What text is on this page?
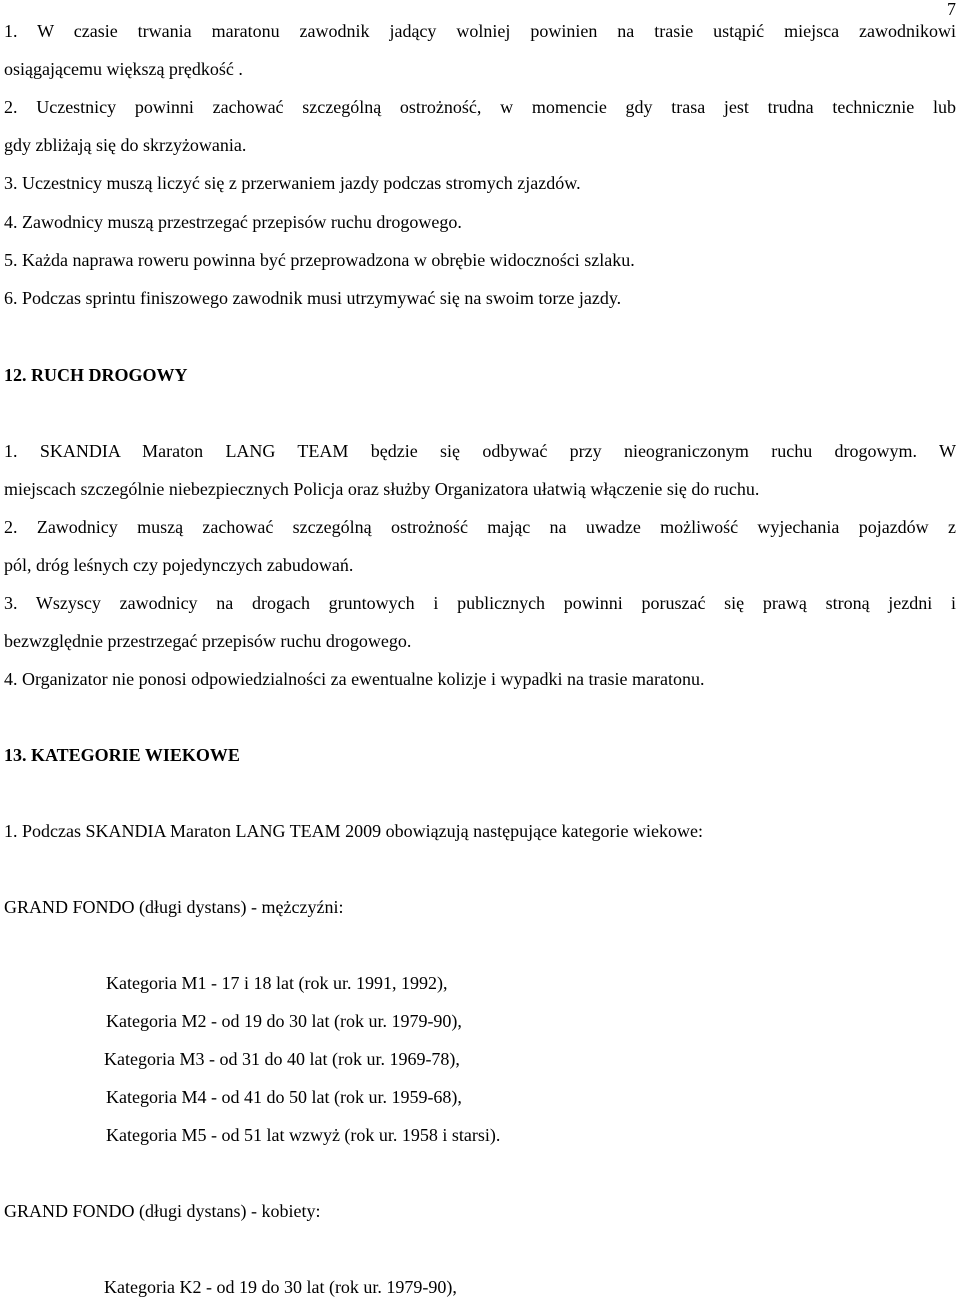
7
1. W czasie trwania maratonu zawodnik jadący wolniej powinien na trasie ustąpić miejsca zawodnikowi
osiągającemu większą prędkość .
2. Uczestnicy powinni zachować szczególną ostrożność, w momencie gdy trasa jest trudna technicznie lub
gdy zbliżają się do skrzyżowania.
3. Uczestnicy muszą liczyć się z przerwaniem jazdy podczas stromych zjazdów.
4. Zawodnicy muszą przestrzegać przepisów ruchu drogowego.
5. Każda naprawa roweru powinna być przeprowadzona w obrębie widoczności szlaku.
6. Podczas sprintu finiszowego zawodnik musi utrzymywać się na swoim torze jazdy.
12. RUCH DROGOWY
1. SKANDIA Maraton LANG TEAM będzie się odbywać przy nieograniczonym ruchu drogowym. W
miejscach szczególnie niebezpiecznych Policja oraz służby Organizatora ułatwią włączenie się do ruchu.
2. Zawodnicy muszą zachować szczególną ostrożność mając na uwadze możliwość wyjechania pojazdów z
pól, dróg leśnych czy pojedynczych zabudowań.
3. Wszyscy zawodnicy na drogach gruntowych i publicznych powinni poruszać się prawą stroną jezdni i
bezwzględnie przestrzegać przepisów ruchu drogowego.
4. Organizator nie ponosi odpowiedzialności za ewentualne kolizje i wypadki na trasie maratonu.
13. KATEGORIE WIEKOWE
1. Podczas SKANDIA Maraton LANG TEAM 2009 obowiązują następujące kategorie wiekowe:
GRAND FONDO (długi dystans) - mężczyźni:
Kategoria M1 - 17 i 18 lat (rok ur. 1991, 1992),
Kategoria M2 - od 19 do 30 lat (rok ur. 1979-90),
Kategoria M3 - od 31 do 40 lat (rok ur. 1969-78),
Kategoria M4 - od 41 do 50 lat (rok ur. 1959-68),
Kategoria M5 - od 51 lat wzwyż (rok ur. 1958 i starsi).
GRAND FONDO (długi dystans) - kobiety:
Kategoria K2 - od 19 do 30 lat (rok ur. 1979-90),
